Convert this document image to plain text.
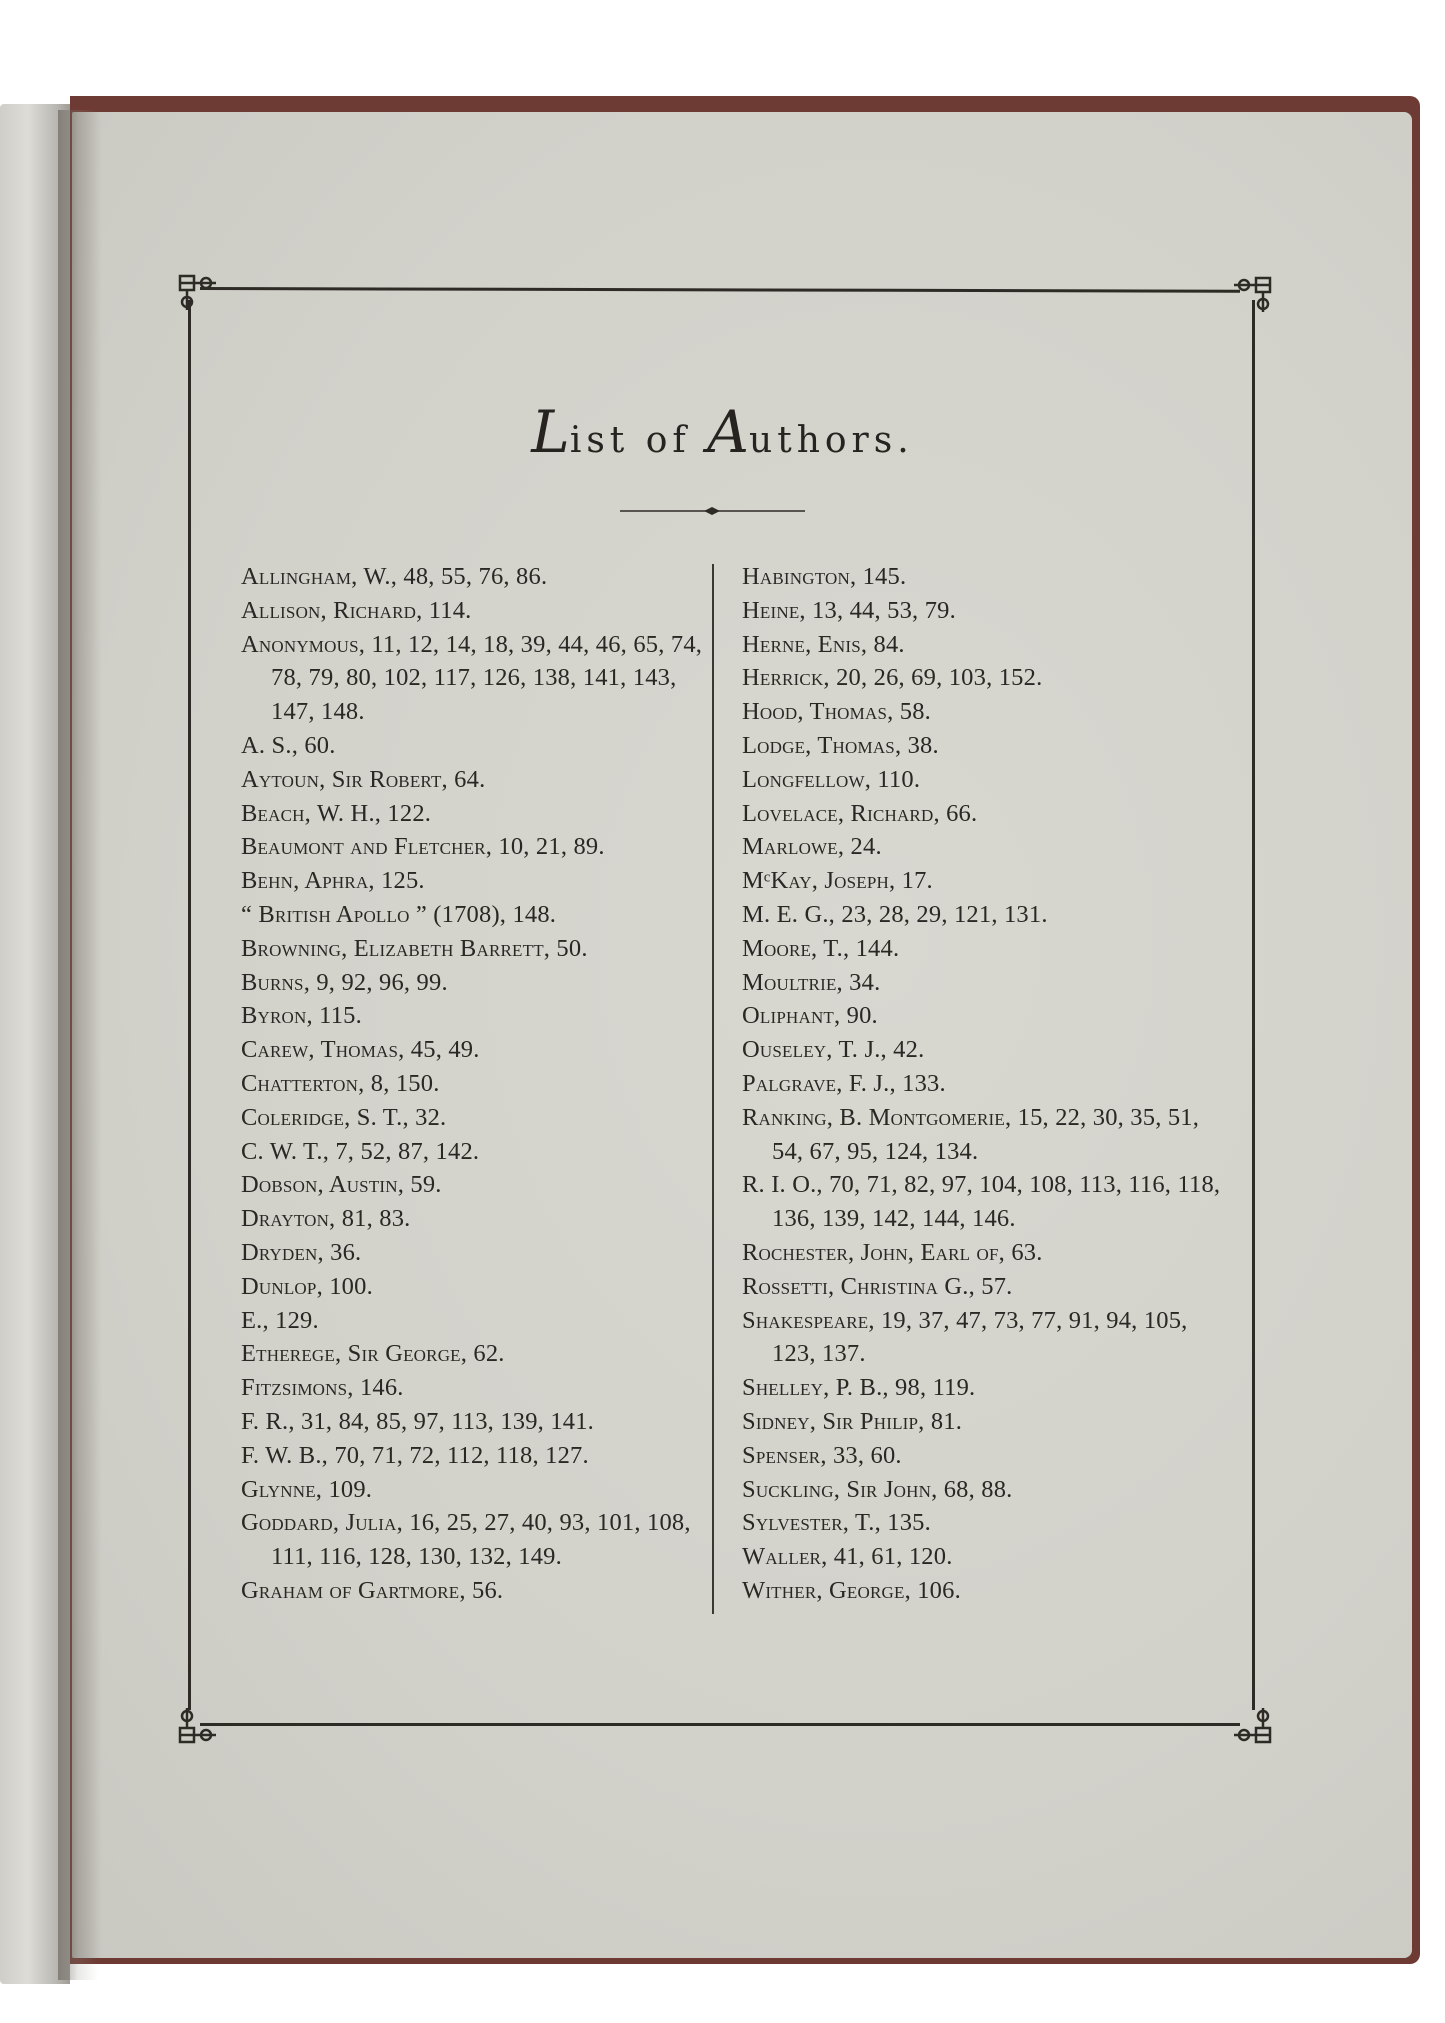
List of Authors.
Allingham, W., 48, 55, 76, 86.
Allison, Richard, 114.
Anonymous, 11, 12, 14, 18, 39, 44, 46, 65, 74, 78, 79, 80, 102, 117, 126, 138, 141, 143, 147, 148.
A. S., 60.
Aytoun, Sir Robert, 64.
Beach, W. H., 122.
Beaumont and Fletcher, 10, 21, 89.
Behn, Aphra, 125.
“ British Apollo ” (1708), 148.
Browning, Elizabeth Barrett, 50.
Burns, 9, 92, 96, 99.
Byron, 115.
Carew, Thomas, 45, 49.
Chatterton, 8, 150.
Coleridge, S. T., 32.
C. W. T., 7, 52, 87, 142.
Dobson, Austin, 59.
Drayton, 81, 83.
Dryden, 36.
Dunlop, 100.
E., 129.
Etherege, Sir George, 62.
Fitzsimons, 146.
F. R., 31, 84, 85, 97, 113, 139, 141.
F. W. B., 70, 71, 72, 112, 118, 127.
Glynne, 109.
Goddard, Julia, 16, 25, 27, 40, 93, 101, 108, 111, 116, 128, 130, 132, 149.
Graham of Gartmore, 56.
Habington, 145.
Heine, 13, 44, 53, 79.
Herne, Enis, 84.
Herrick, 20, 26, 69, 103, 152.
Hood, Thomas, 58.
Lodge, Thomas, 38.
Longfellow, 110.
Lovelace, Richard, 66.
Marlowe, 24.
MᶜKay, Joseph, 17.
M. E. G., 23, 28, 29, 121, 131.
Moore, T., 144.
Moultrie, 34.
Oliphant, 90.
Ouseley, T. J., 42.
Palgrave, F. J., 133.
Ranking, B. Montgomerie, 15, 22, 30, 35, 51, 54, 67, 95, 124, 134.
R. I. O., 70, 71, 82, 97, 104, 108, 113, 116, 118, 136, 139, 142, 144, 146.
Rochester, John, Earl of, 63.
Rossetti, Christina G., 57.
Shakespeare, 19, 37, 47, 73, 77, 91, 94, 105, 123, 137.
Shelley, P. B., 98, 119.
Sidney, Sir Philip, 81.
Spenser, 33, 60.
Suckling, Sir John, 68, 88.
Sylvester, T., 135.
Waller, 41, 61, 120.
Wither, George, 106.
